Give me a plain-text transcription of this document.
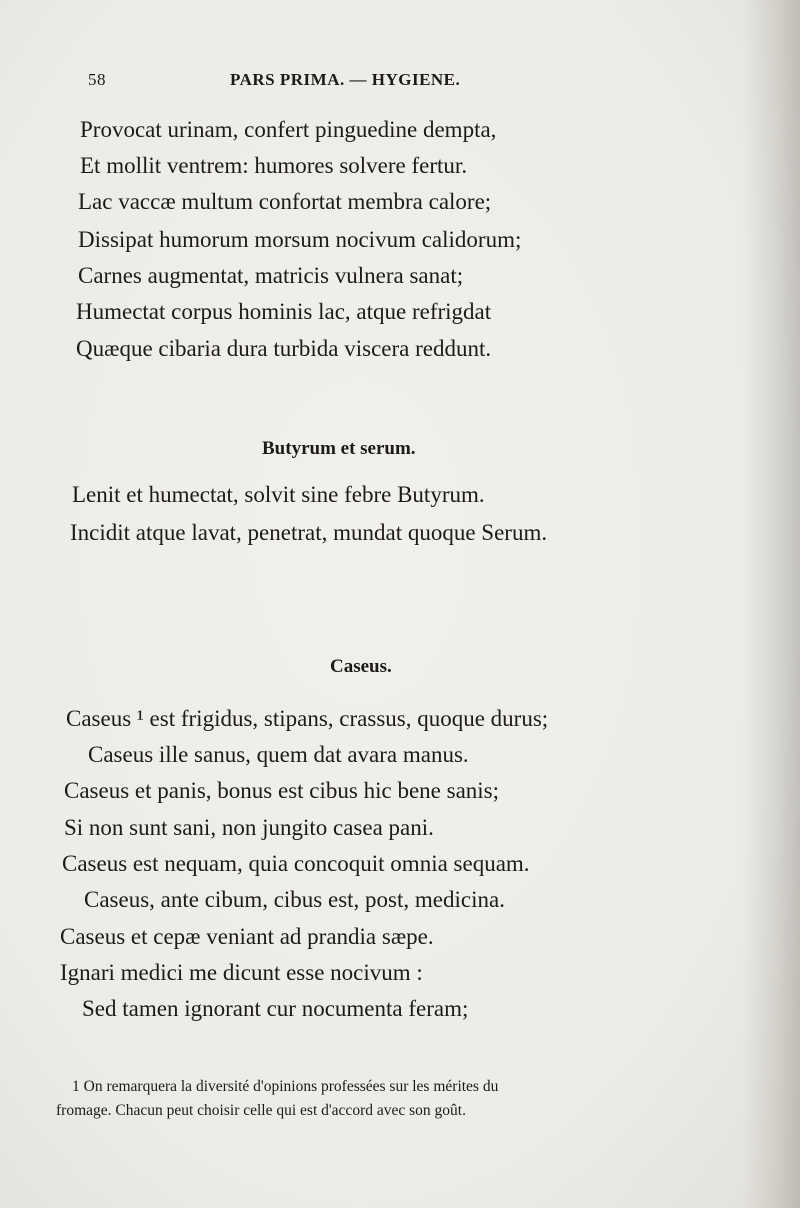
58	PARS PRIMA. — HYGIENE.
Provocat urinam, confert pinguedine dempta,
Et mollit ventrem: humores solvere fertur.
Lac vaccæ multum confortat membra calore;
Dissipat humorum morsum nocivum calidorum;
Carnes augmentat, matricis vulnera sanat;
Humectat corpus hominis lac, atque refrigdat
Quæque cibaria dura turbida viscera reddunt.
Butyrum et serum.
Lenit et humectat, solvit sine febre Butyrum.
Incidit atque lavat, penetrat, mundat quoque Serum.
Caseus.
Caseus ¹ est frigidus, stipans, crassus, quoque durus;
Caseus ille sanus, quem dat avara manus.
Caseus et panis, bonus est cibus hic bene sanis;
Si non sunt sani, non jungito casea pani.
Caseus est nequam, quia concoquit omnia sequam.
Caseus, ante cibum, cibus est, post, medicina.
Caseus et cepæ veniant ad prandia sæpe.
Ignari medici me dicunt esse nocivum :
Sed tamen ignorant cur nocumenta feram;
1 On remarquera la diversité d'opinions professées sur les mérites du
fromage. Chacun peut choisir celle qui est d'accord avec son goût.
